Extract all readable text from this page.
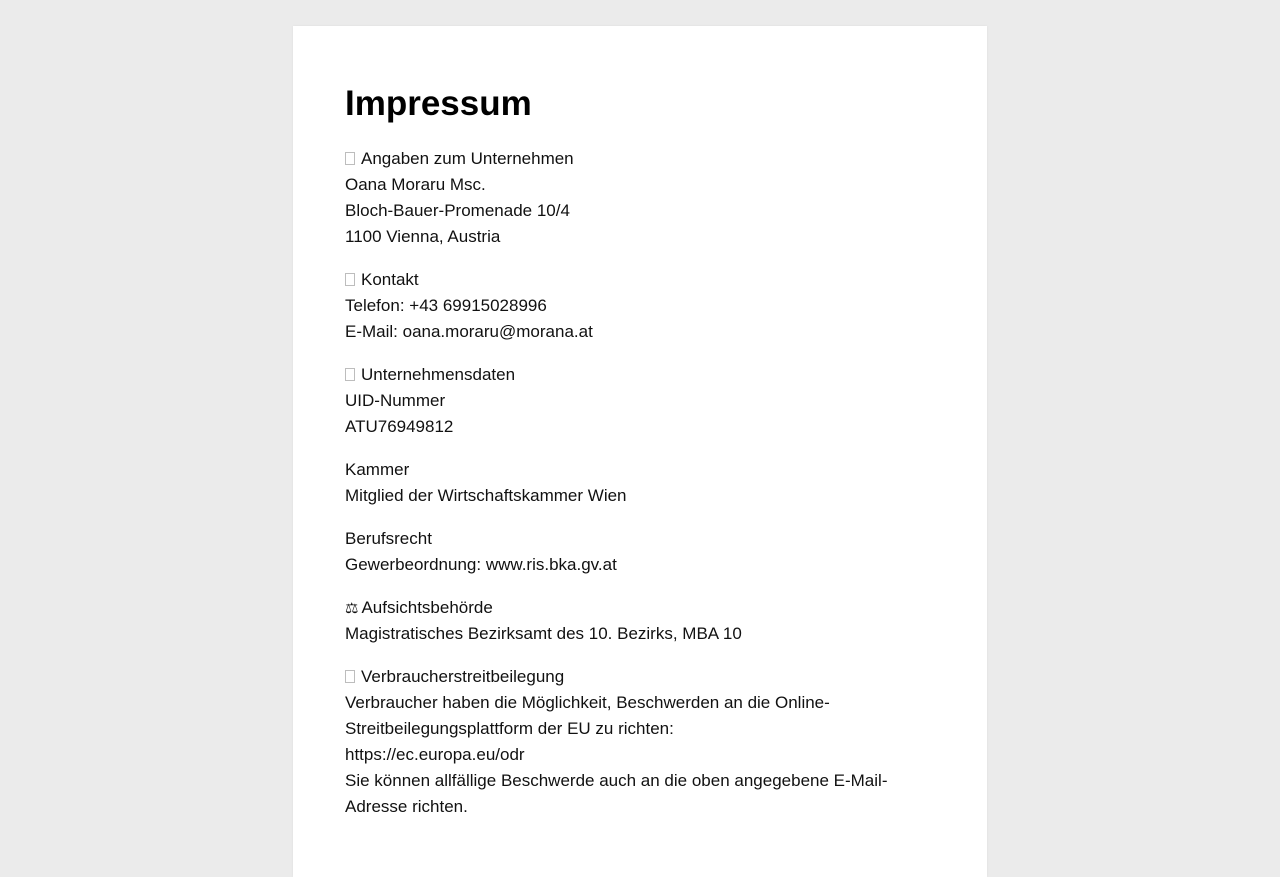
Impressum
Angaben zum Unternehmen
Oana Moraru Msc.
Bloch-Bauer-Promenade 10/4
1100 Vienna, Austria
Kontakt
Telefon: +43 69915028996
E-Mail: oana.moraru@morana.at
Unternehmensdaten
UID-Nummer
ATU76949812
Kammer
Mitglied der Wirtschaftskammer Wien
Berufsrecht
Gewerbeordnung: www.ris.bka.gv.at
⚖ Aufsichtsbehörde
Magistratisches Bezirksamt des 10. Bezirks, MBA 10
Verbraucherstreitbeilegung
Verbraucher haben die Möglichkeit, Beschwerden an die Online-
Streitbeilegungsplattform der EU zu richten:
https://ec.europa.eu/odr
Sie können allfällige Beschwerde auch an die oben angegebene E-Mail-
Adresse richten.
